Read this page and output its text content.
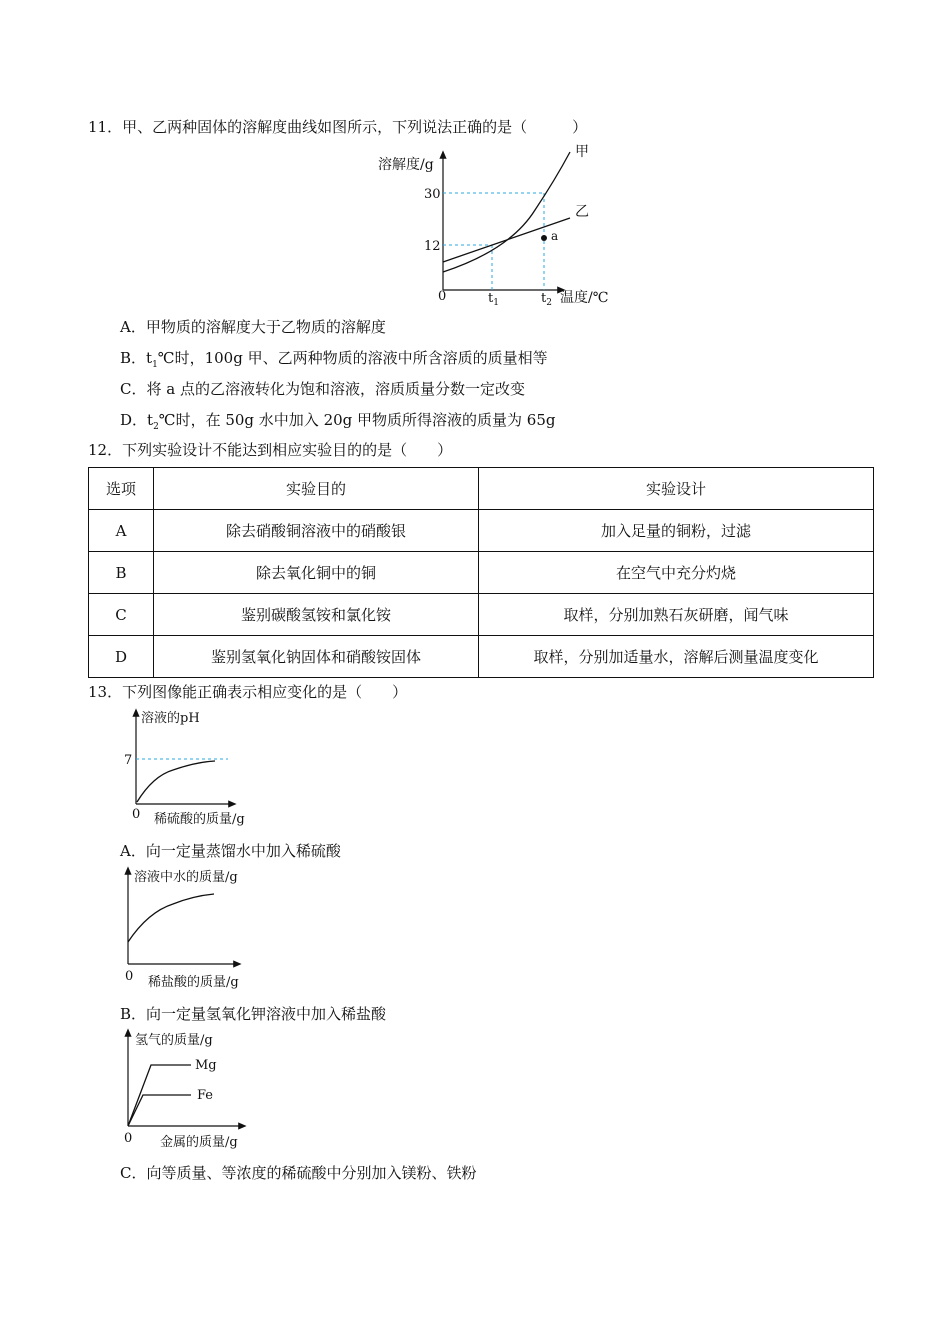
11．甲、乙两种固体的溶解度曲线如图所示，下列说法正确的是（　　　）
溶解度/g
温度/℃
0
30
12
$t_1$	$t_2$
甲
乙
a
A．甲物质的溶解度大于乙物质的溶解度
B．$t_1℃$时，100g 甲、乙两种物质的溶液中所含溶质的质量相等
C．将 a 点的乙溶液转化为饱和溶液，溶质质量分数一定改变
D．$t_2℃$时，在 50g 水中加入 20g 甲物质所得溶液的质量为 65g
12．下列实验设计不能达到相应实验目的的是（　　）
选项	实验目的	实验设计
A	除去硝酸铜溶液中的硝酸银	加入足量的铜粉，过滤
B	除去氧化铜中的铜	在空气中充分灼烧
C	鉴别碳酸氢铵和氯化铵	取样，分别加熟石灰研磨，闻气味
D	鉴别氢氧化钠固体和硝酸铵固体	取样，分别加适量水，溶解后测量温度变化
13．下列图像能正确表示相应变化的是（　　）
溶液的pH
7
0 稀硫酸的质量/g
A．向一定量蒸馏水中加入稀硫酸
溶液中水的质量/g
0 稀盐酸的质量/g
B．向一定量氢氧化钾溶液中加入稀盐酸
氢气的质量/g
Mg
Fe
0 金属的质量/g
C．向等质量、等浓度的稀硫酸中分别加入镁粉、铁粉
